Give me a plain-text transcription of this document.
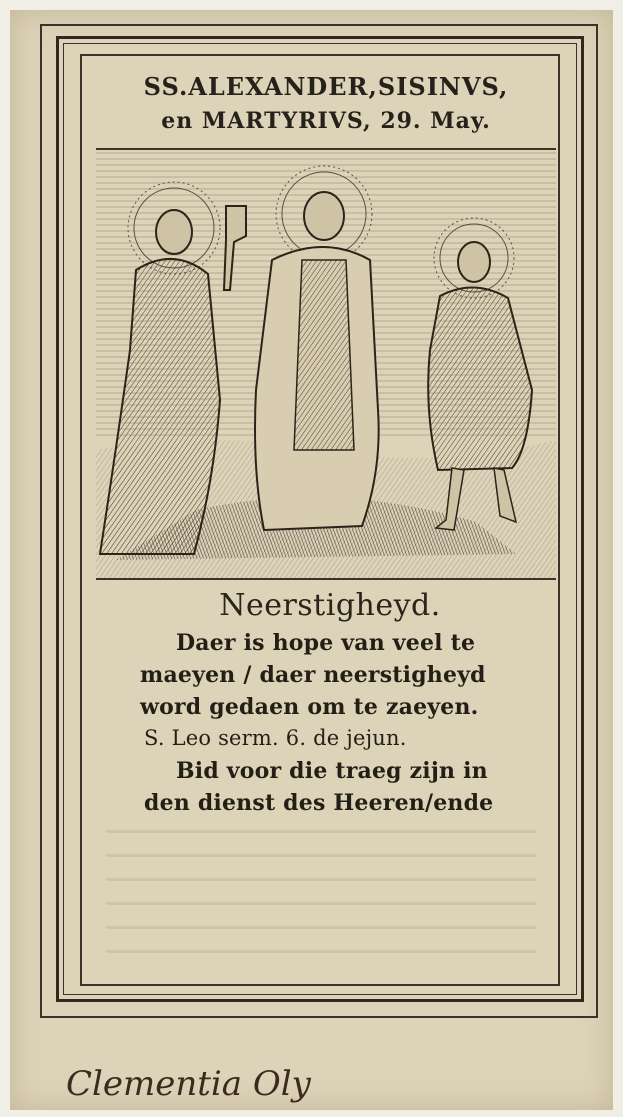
SS.ALEXANDER,SISINVS,
en MARTYRIVS, 29. May.
Neerstigheyd.
Daer is hope van veel te
maeyen / daer neerstigheyd
word gedaen om te zaeyen.
S. Leo serm. 6. de jejun.
Bid voor die traeg zijn in
den dienst des Heeren/ende
Clementia Oly
